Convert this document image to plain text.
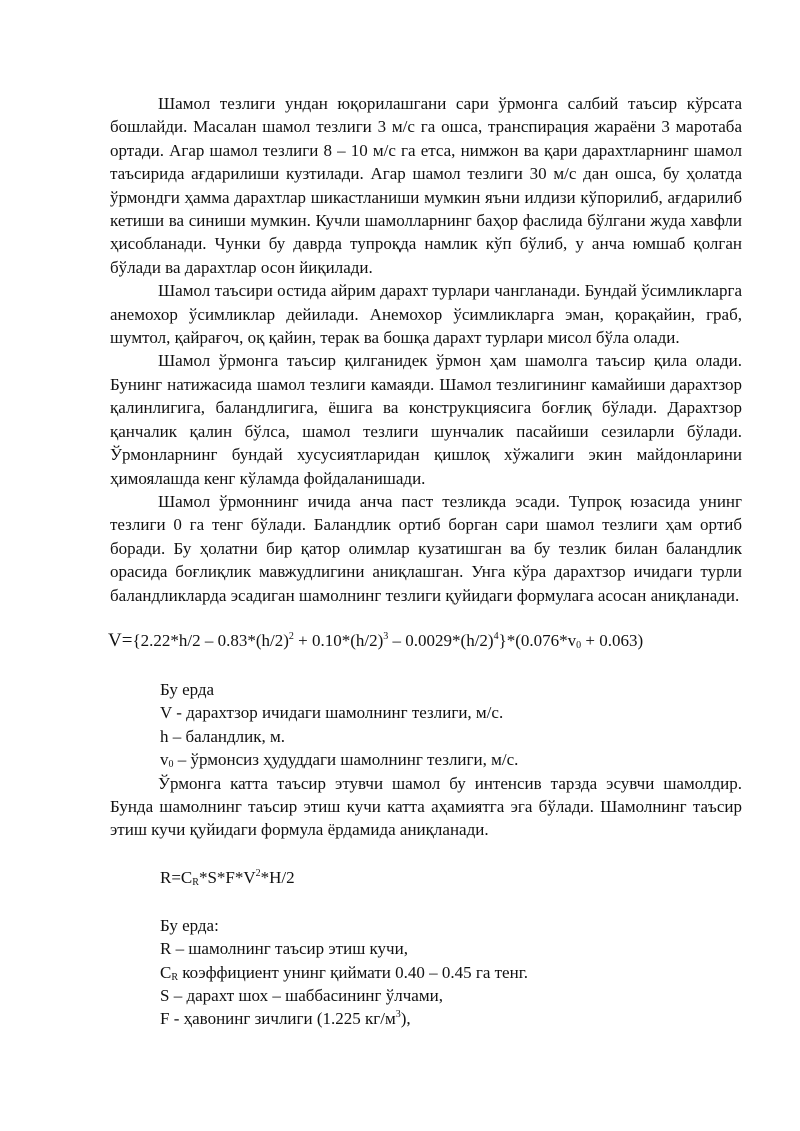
Шамол тезлиги ундан юқорилашгани сари ўрмонга салбий таъсир кўрсата бошлайди. Масалан шамол тезлиги 3 м/с га ошса, транспирация жараёни 3 маротаба ортади. Агар шамол тезлиги 8 – 10 м/с га етса, нимжон ва қари дарахтларнинг шамол таъсирида ағдарилиши кузтилади. Агар шамол тезлиги 30 м/с дан ошса, бу ҳолатда ўрмондги ҳамма дарахтлар шикастланиши мумкин яъни илдизи кўпорилиб, ағдарилиб кетиши ва синиши мумкин. Кучли шамолларнинг баҳор фаслида бўлгани жуда хавфли ҳисобланади. Чунки бу даврда тупроқда намлик кўп бўлиб, у анча юмшаб қолган бўлади ва дарахтлар осон йиқилади.

Шамол таъсири остида айрим дарахт турлари чангланади. Бундай ўсимликларга анемохор ўсимликлар дейилади. Анемохор ўсимликларга эман, қорақайин, граб, шумтол, қайрағоч, оқ қайин, терак ва бошқа дарахт турлари мисол бўла олади.

Шамол ўрмонга таъсир қилганидек ўрмон ҳам шамолга таъсир қила олади. Бунинг натижасида шамол тезлиги камаяди. Шамол тезлигининг камайиши дарахтзор қалинлигига, баландлигига, ёшига ва конструкциясига боғлиқ бўлади. Дарахтзор қанчалик қалин бўлса, шамол тезлиги шунчалик пасайиши сезиларли бўлади. Ўрмонларнинг бундай хусусиятларидан қишлоқ хўжалиги экин майдонларини ҳимоялашда кенг кўламда фойдаланишади.

Шамол ўрмоннинг ичида анча паст тезликда эсади. Тупроқ юзасида унинг тезлиги 0 га тенг бўлади. Баландлик ортиб борган сари шамол тезлиги ҳам ортиб боради. Бу ҳолатни бир қатор олимлар кузатишган ва бу тезлик билан баландлик орасида боғлиқлик мавжудлигини аниқлашган. Унга кўра дарахтзор ичидаги турли баландликларда эсадиган шамолнинг тезлиги қуйидаги формулага асосан аниқланади.

$V=\{2.22*h/2 - 0.83*(h/2)^2 + 0.10*(h/2)^3 - 0.0029*(h/2)^4\}*(0.076*v_0 + 0.063)$
Бу ерда
V - дарахтзор ичидаги шамолнинг тезлиги, м/с.
h – баландлик, м.
$v_0$ – ўрмонсиз ҳудуддаги шамолнинг тезлиги, м/с.

Ўрмонга катта таъсир этувчи шамол бу интенсив тарзда эсувчи шамолдир. Бунда шамолнинг таъсир этиш кучи катта аҳамиятга эга бўлади. Шамолнинг таъсир этиш кучи қуйидаги формула ёрдамида аниқланади.

$R=C_R*S*F*V^2*H/2$
Бу ерда:
R – шамолнинг таъсир этиш кучи,
$C_R$ коэффициент унинг қиймати 0.40 – 0.45 га тенг.
S – дарахт шох – шаббасининг ўлчами,
F - ҳавонинг зичлиги (1.225 $кг/м^3$),
